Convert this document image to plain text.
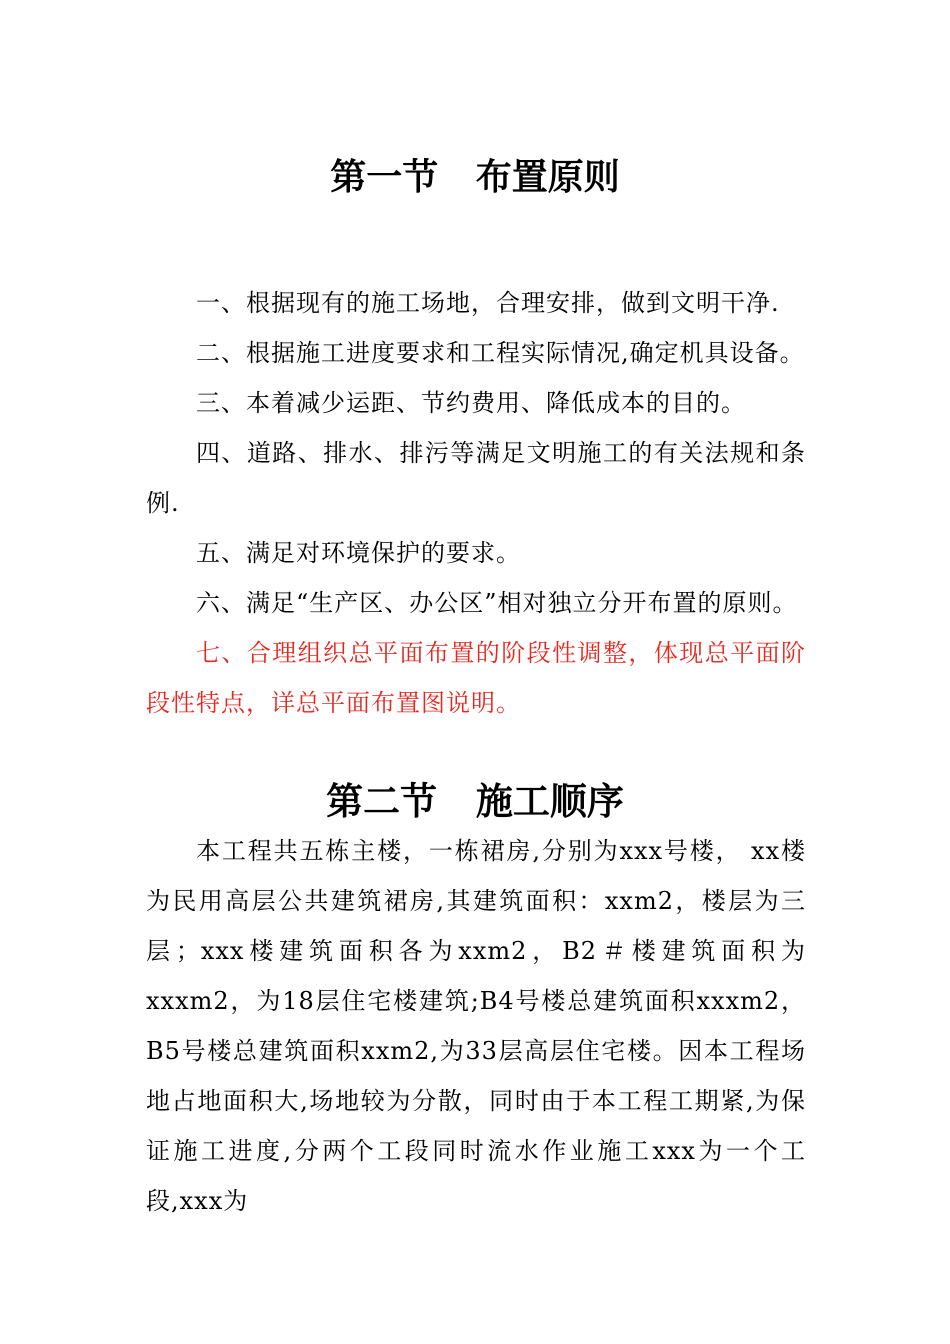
第一节   布置原则

一、根据现有的施工场地，合理安排，做到文明干净.

二、根据施工进度要求和工程实际情况,确定机具设备。

三、本着减少运距、节约费用、降低成本的目的。

四、道路、排水、排污等满足文明施工的有关法规和条例.

五、满足对环境保护的要求。

六、满足“生产区、办公区”相对独立分开布置的原则。

七、合理组织总平面布置的阶段性调整，体现总平面阶段性特点，详总平面布置图说明。

第二节   施工顺序

本工程共五栋主楼，一栋裙房,分别为xxx号楼， xx楼为民用高层公共建筑裙房,其建筑面积：xxm2，楼层为三层；xxx楼建筑面积各为xxm2，B2＃楼建筑面积为xxxm2，为18层住宅楼建筑;B4号楼总建筑面积xxxm2，B5号楼总建筑面积xxm2,为33层高层住宅楼。因本工程场地占地面积大,场地较为分散，同时由于本工程工期紧,为保证施工进度,分两个工段同时流水作业施工xxx为一个工段,xxx为
